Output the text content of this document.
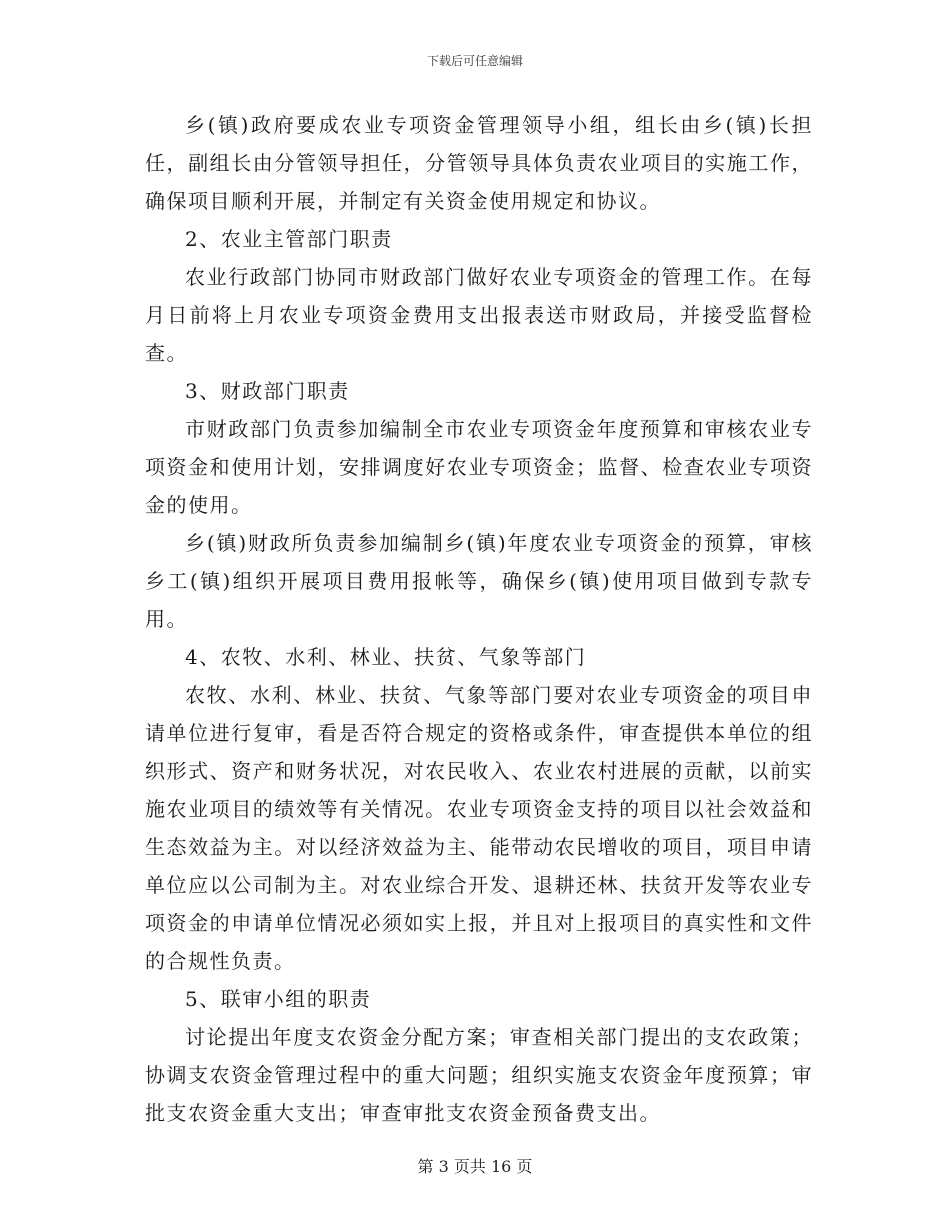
下载后可任意编辑

乡(镇)政府要成农业专项资金管理领导小组，组长由乡(镇)长担任，副组长由分管领导担任，分管领导具体负责农业项目的实施工作，确保项目顺利开展，并制定有关资金使用规定和协议。

2、农业主管部门职责

农业行政部门协同市财政部门做好农业专项资金的管理工作。在每月日前将上月农业专项资金费用支出报表送市财政局，并接受监督检查。

3、财政部门职责

市财政部门负责参加编制全市农业专项资金年度预算和审核农业专项资金和使用计划，安排调度好农业专项资金；监督、检查农业专项资金的使用。

乡(镇)财政所负责参加编制乡(镇)年度农业专项资金的预算，审核乡工(镇)组织开展项目费用报帐等，确保乡(镇)使用项目做到专款专用。

4、农牧、水利、林业、扶贫、气象等部门

农牧、水利、林业、扶贫、气象等部门要对农业专项资金的项目申请单位进行复审，看是否符合规定的资格或条件，审查提供本单位的组织形式、资产和财务状况，对农民收入、农业农村进展的贡献，以前实施农业项目的绩效等有关情况。农业专项资金支持的项目以社会效益和生态效益为主。对以经济效益为主、能带动农民增收的项目，项目申请单位应以公司制为主。对农业综合开发、退耕还林、扶贫开发等农业专项资金的申请单位情况必须如实上报，并且对上报项目的真实性和文件的合规性负责。

5、联审小组的职责

讨论提出年度支农资金分配方案；审查相关部门提出的支农政策；协调支农资金管理过程中的重大问题；组织实施支农资金年度预算；审批支农资金重大支出；审查审批支农资金预备费支出。

第 3 页共 16 页
